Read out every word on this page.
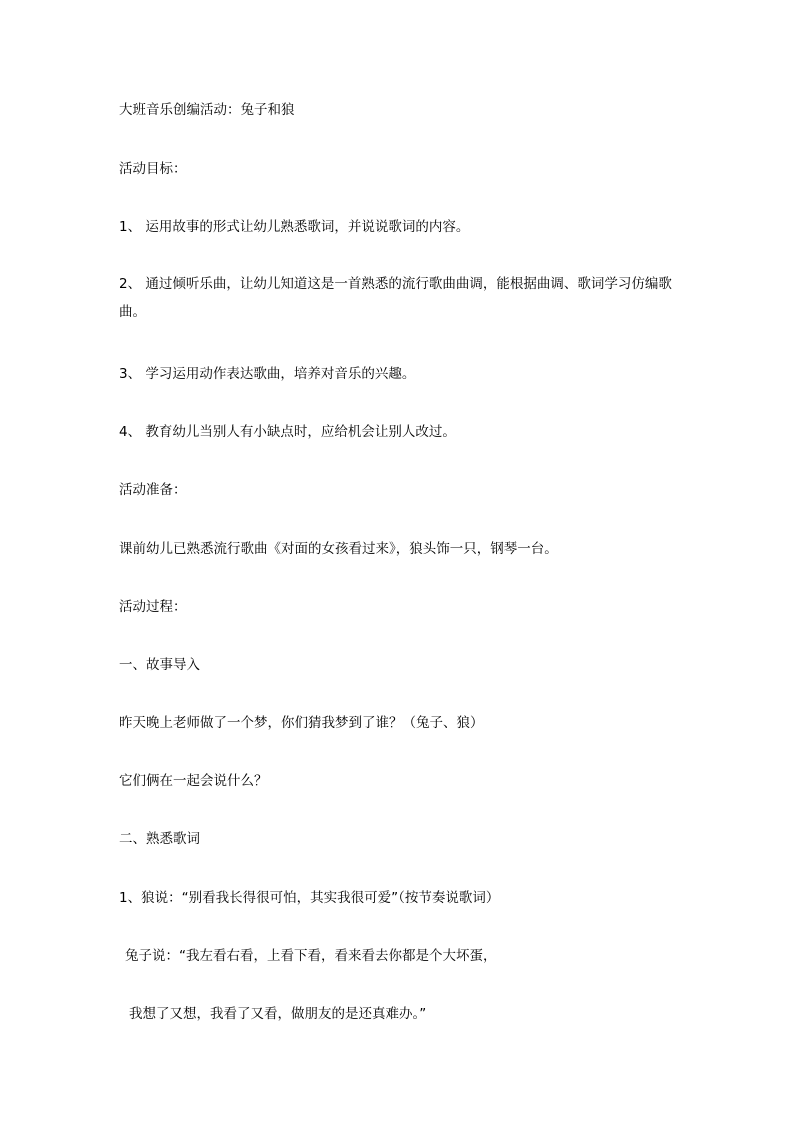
大班音乐创编活动：兔子和狼
活动目标：
1、 运用故事的形式让幼儿熟悉歌词，并说说歌词的内容。
2、 通过倾听乐曲，让幼儿知道这是一首熟悉的流行歌曲曲调，能根据曲调、歌词学习仿编歌曲。
3、 学习运用动作表达歌曲，培养对音乐的兴趣。
4、 教育幼儿当别人有小缺点时，应给机会让别人改过。
活动准备：
课前幼儿已熟悉流行歌曲《对面的女孩看过来》，狼头饰一只，钢琴一台。
活动过程：
一、故事导入
昨天晚上老师做了一个梦，你们猜我梦到了谁？（兔子、狼）
它们俩在一起会说什么？
二、熟悉歌词
1、狼说：“别看我长得很可怕，其实我很可爱”（按节奏说歌词）
兔子说：“我左看右看，上看下看，看来看去你都是个大坏蛋，
我想了又想，我看了又看，做朋友的是还真难办。”
